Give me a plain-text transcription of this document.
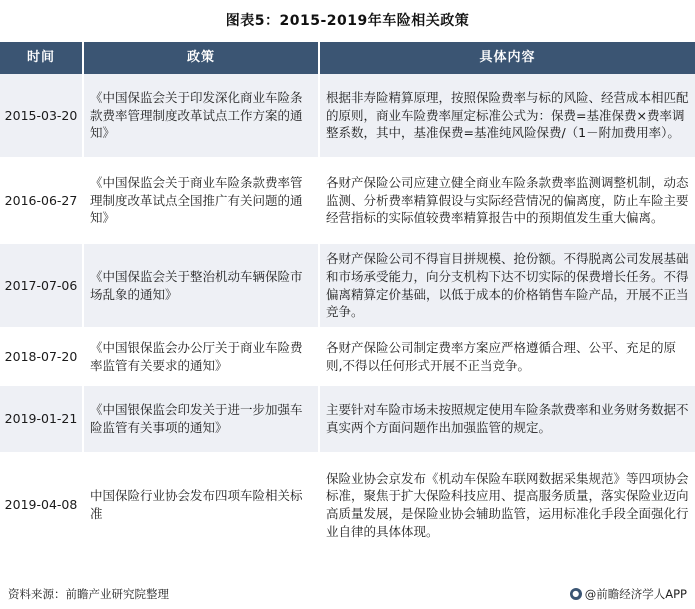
图表5：2015-2019年车险相关政策
时间	政策	具体内容
2015-03-20	《中国保监会关于印发深化商业车险条款费率管理制度改革试点工作方案的通知》	根据非寿险精算原理，按照保险费率与标的风险、经营成本相匹配的原则，商业车险费率厘定标准公式为：保费=基准保费×费率调整系数，其中，基准保费=基准纯风险保费/（1－附加费用率）。
2016-06-27	《中国保监会关于商业车险条款费率管理制度改革试点全国推广有关问题的通知》	各财产保险公司应建立健全商业车险条款费率监测调整机制，动态监测、分析费率精算假设与实际经营情况的偏离度，防止车险主要经营指标的实际值较费率精算报告中的预期值发生重大偏离。
2017-07-06	《中国保监会关于整治机动车辆保险市场乱象的通知》	各财产保险公司不得盲目拼规模、抢份额。不得脱离公司发展基础和市场承受能力，向分支机构下达不切实际的保费增长任务。不得偏离精算定价基础，以低于成本的价格销售车险产品，开展不正当竞争。
2018-07-20	《中国银保监会办公厅关于商业车险费率监管有关要求的通知》	各财产保险公司制定费率方案应严格遵循合理、公平、充足的原则,不得以任何形式开展不正当竞争。
2019-01-21	《中国银保监会印发关于进一步加强车险监管有关事项的通知》	主要针对车险市场未按照规定使用车险条款费率和业务财务数据不真实两个方面问题作出加强监管的规定。
2019-04-08	中国保险行业协会发布四项车险相关标准	保险业协会京发布《机动车保险车联网数据采集规范》等四项协会标准，聚焦于扩大保险科技应用、提高服务质量，落实保险业迈向高质量发展，是保险业协会辅助监管，运用标准化手段全面强化行业自律的具体体现。
资料来源：前瞻产业研究院整理	● @前瞻经济学人APP
